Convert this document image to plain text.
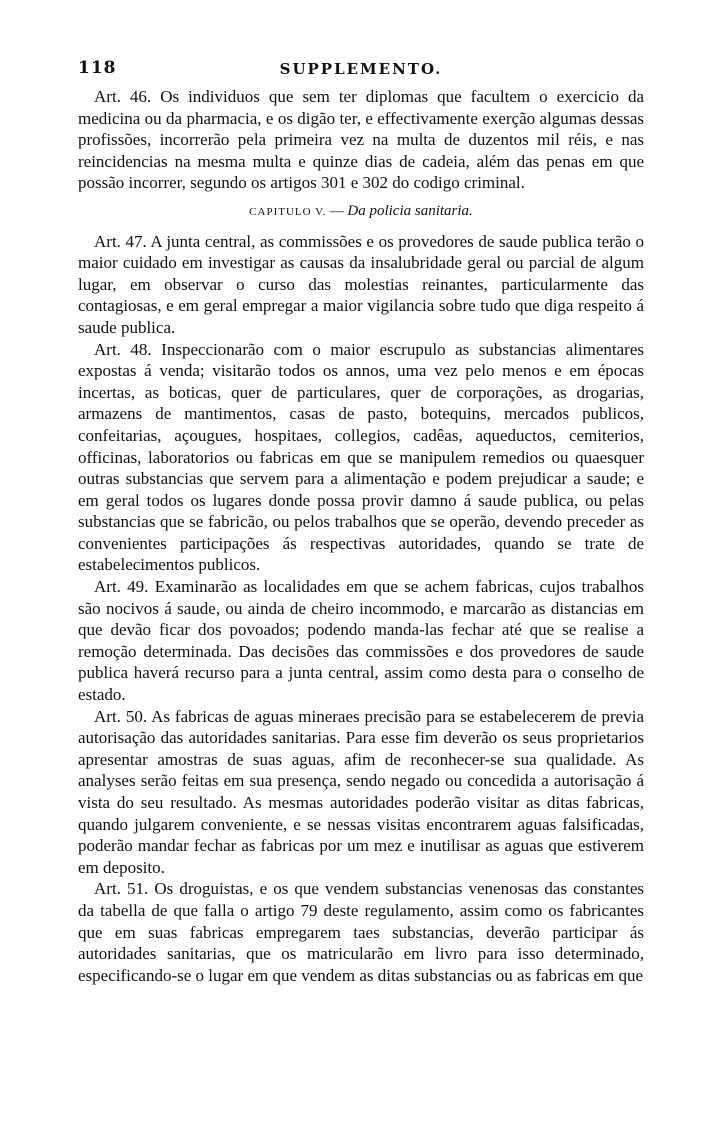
118	SUPPLEMENTO.

Art. 46. Os individuos que sem ter diplomas que facultem o exercicio da medicina ou da pharmacia, e os digão ter, e effectivamente exerção algumas dessas profissões, incorrerão pela primeira vez na multa de duzentos mil réis, e nas reincidencias na mesma multa e quinze dias de cadeia, além das penas em que possão incorrer, segundo os artigos 301 e 302 do codigo criminal.

CAPITULO V. — Da policia sanitaria.

Art. 47. A junta central, as commissões e os provedores de saude publica terão o maior cuidado em investigar as causas da insalubridade geral ou parcial de algum lugar, em observar o curso das molestias reinantes, particularmente das contagiosas, e em geral empregar a maior vigilancia sobre tudo que diga respeito á saude publica.

Art. 48. Inspeccionarão com o maior escrupulo as substancias alimentares expostas á venda; visitarão todos os annos, uma vez pelo menos e em épocas incertas, as boticas, quer de particulares, quer de corporações, as drogarias, armazens de mantimentos, casas de pasto, botequins, mercados publicos, confeitarias, açougues, hospitaes, collegios, cadêas, aqueductos, cemiterios, officinas, laboratorios ou fabricas em que se manipulem remedios ou quaesquer outras substancias que servem para a alimentação e podem prejudicar a saude; e em geral todos os lugares donde possa provir damno á saude publica, ou pelas substancias que se fabricão, ou pelos trabalhos que se operão, devendo preceder as convenientes participações ás respectivas autoridades, quando se trate de estabelecimentos publicos.

Art. 49. Examinarão as localidades em que se achem fabricas, cujos trabalhos são nocivos á saude, ou ainda de cheiro incommodo, e marcarão as distancias em que devão ficar dos povoados; podendo manda-las fechar até que se realise a remoção determinada. Das decisões das commissões e dos provedores de saude publica haverá recurso para a junta central, assim como desta para o conselho de estado.

Art. 50. As fabricas de aguas mineraes precisão para se estabelecerem de previa autorisação das autoridades sanitarias. Para esse fim deverão os seus proprietarios apresentar amostras de suas aguas, afim de reconhecer-se sua qualidade. As analyses serão feitas em sua presença, sendo negado ou concedida a autorisação á vista do seu resultado. As mesmas autoridades poderão visitar as ditas fabricas, quando julgarem conveniente, e se nessas visitas encontrarem aguas falsificadas, poderão mandar fechar as fabricas por um mez e inutilisar as aguas que estiverem em deposito.

Art. 51. Os droguistas, e os que vendem substancias venenosas das constantes da tabella de que falla o artigo 79 deste regulamento, assim como os fabricantes que em suas fabricas empregarem taes substancias, deverão participar ás autoridades sanitarias, que os matricularão em livro para isso determinado, especificando-se o lugar em que vendem as ditas substancias ou as fabricas em que
